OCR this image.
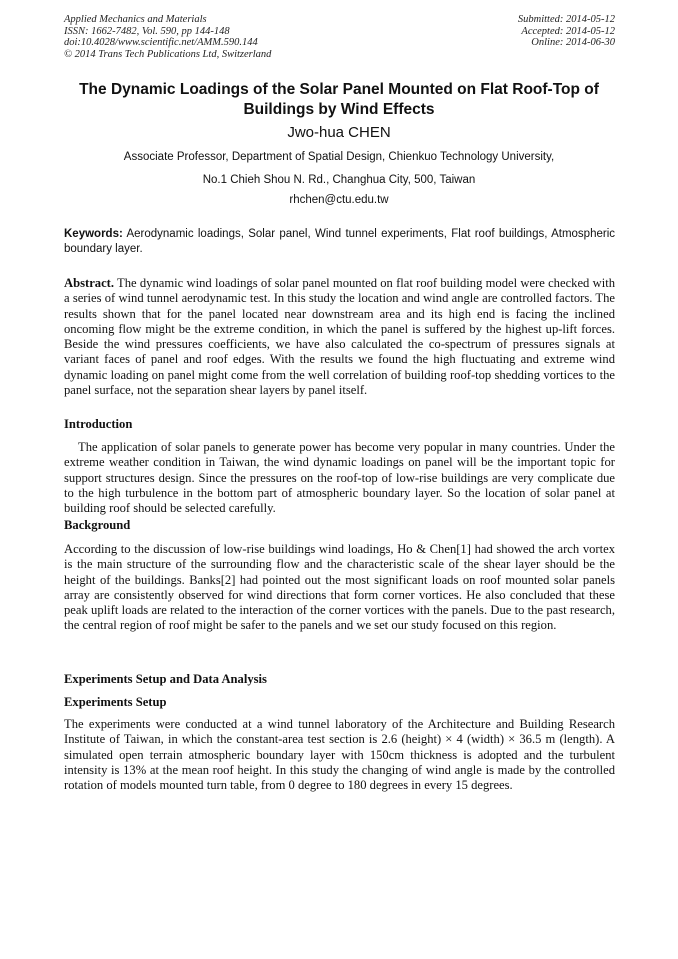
Applied Mechanics and Materials
ISSN: 1662-7482, Vol. 590, pp 144-148
doi:10.4028/www.scientific.net/AMM.590.144
© 2014 Trans Tech Publications Ltd, Switzerland
Submitted: 2014-05-12
Accepted: 2014-05-12
Online: 2014-06-30
The Dynamic Loadings of the Solar Panel Mounted on Flat Roof-Top of Buildings by Wind Effects
Jwo-hua CHEN
Associate Professor, Department of Spatial Design, Chienkuo Technology University,
No.1 Chieh Shou N. Rd., Changhua City, 500, Taiwan
rhchen@ctu.edu.tw
Keywords: Aerodynamic loadings, Solar panel, Wind tunnel experiments, Flat roof buildings, Atmospheric boundary layer.
Abstract. The dynamic wind loadings of solar panel mounted on flat roof building model were checked with a series of wind tunnel aerodynamic test. In this study the location and wind angle are controlled factors. The results shown that for the panel located near downstream area and its high end is facing the inclined oncoming flow might be the extreme condition, in which the panel is suffered by the highest up-lift forces. Beside the wind pressures coefficients, we have also calculated the co-spectrum of pressures signals at variant faces of panel and roof edges. With the results we found the high fluctuating and extreme wind dynamic loading on panel might come from the well correlation of building roof-top shedding vortices to the panel surface, not the separation shear layers by panel itself.
Introduction
The application of solar panels to generate power has become very popular in many countries. Under the extreme weather condition in Taiwan, the wind dynamic loadings on panel will be the important topic for support structures design. Since the pressures on the roof-top of low-rise buildings are very complicate due to the high turbulence in the bottom part of atmospheric boundary layer. So the location of solar panel at building roof should be selected carefully.
Background
According to the discussion of low-rise buildings wind loadings, Ho & Chen[1] had showed the arch vortex is the main structure of the surrounding flow and the characteristic scale of the shear layer should be the height of the buildings. Banks[2] had pointed out the most significant loads on roof mounted solar panels array are consistently observed for wind directions that form corner vortices. He also concluded that these peak uplift loads are related to the interaction of the corner vortices with the panels. Due to the past research, the central region of roof might be safer to the panels and we set our study focused on this region.
Experiments Setup and Data Analysis
Experiments Setup
The experiments were conducted at a wind tunnel laboratory of the Architecture and Building Research Institute of Taiwan, in which the constant-area test section is 2.6 (height) × 4 (width) × 36.5 m (length). A simulated open terrain atmospheric boundary layer with 150cm thickness is adopted and the turbulent intensity is 13% at the mean roof height. In this study the changing of wind angle is made by the controlled rotation of models mounted turn table, from 0 degree to 180 degrees in every 15 degrees.
